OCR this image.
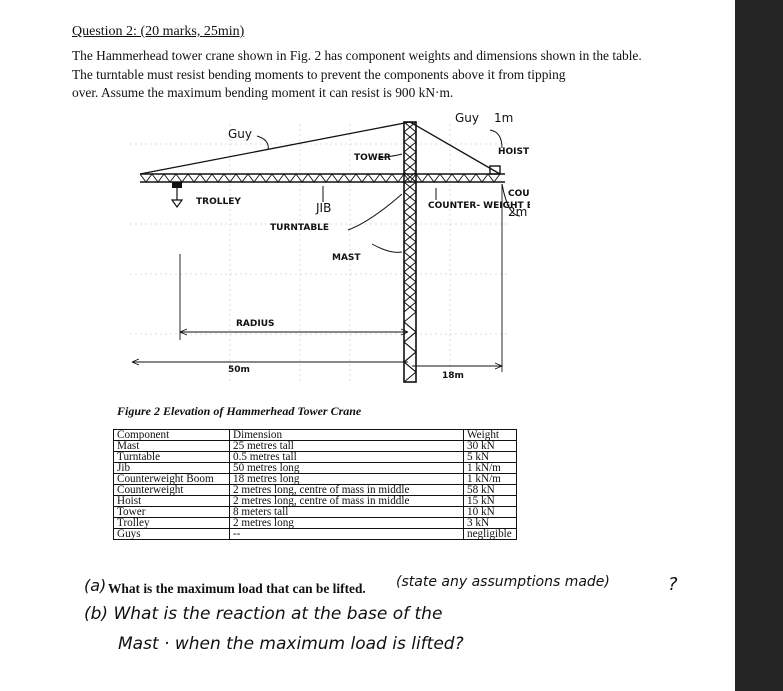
Question 2: (20 marks, 25min)
The Hammerhead tower crane shown in Fig. 2 has component weights and dimensions shown in the table.
The turntable must resist bending moments to prevent the components above it from tipping
over. Assume the maximum bending moment it can resist is 900 kN·m.
Guy
TOWER
Guy 1m
HOIST
TROLLEY	JIB
TURNTABLE
MAST
COUNTER- WEIGHT
COU
2m
RADIUS
50m
18m
Figure 2 Elevation of Hammerhead Tower Crane
Component	Dimension	Weight
Mast	25 metres tall	30 kN
Turntable	0.5 metres tall	5 kN
Jib	50 metres long	1 kN/m
Counterweight Boom	18 metres long	1 kN/m
Counterweight	2 metres long, centre of mass in middle	58 kN
Hoist	2 metres long, centre of mass in middle	15 kN
Tower	8 meters tall	10 kN
Trolley	2 metres long	3 kN
Guys	--	negligible
(a) What is the maximum load that can be lifted. (state any assumptions made)	?
(b) What is the reaction at the base of the
Mast · when the maximum load is lifted?
